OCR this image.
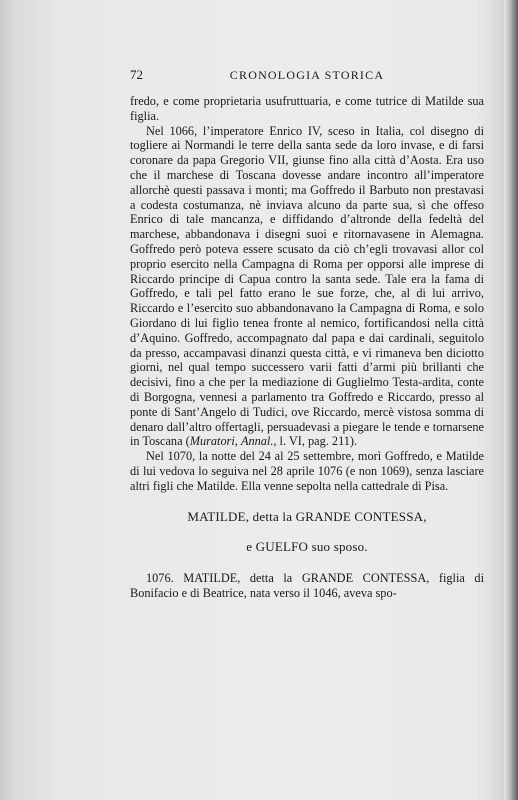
72	CRONOLOGIA STORICA

fredo, e come proprietaria usufruttuaria, e come tutrice di Matilde sua figlia.

Nel 1066, l’imperatore Enrico IV, sceso in Italia, col disegno di togliere ai Normandi le terre della santa sede da loro invase, e di farsi coronare da papa Gregorio VII, giunse fino alla città d’Aosta. Era uso che il marchese di Toscana dovesse andare incontro all’imperatore allorchè questi passava i monti; ma Goffredo il Barbuto non prestavasi a codesta costumanza, nè inviava alcuno da parte sua, sì che offeso Enrico di tale mancanza, e diffidando d’altronde della fedeltà del marchese, abbandonava i disegni suoi e ritornavasene in Alemagna. Goffredo però poteva essere scusato da ciò ch’egli trovavasi allor col proprio esercito nella Campagna di Roma per opporsi alle imprese di Riccardo principe di Capua contro la santa sede. Tale era la fama di Goffredo, e tali pel fatto erano le sue forze, che, al di lui arrivo, Riccardo e l’esercito suo abbandonavano la Campagna di Roma, e solo Giordano di lui figlio tenea fronte al nemico, fortificandosi nella città d’Aquino. Goffredo, accompagnato dal papa e dai cardinali, seguitolo da presso, accampavasi dinanzi questa città, e vi rimaneva ben diciotto giorni, nel qual tempo successero varii fatti d’armi più brillanti che decisivi, fino a che per la mediazione di Guglielmo Testa-ardita, conte di Borgogna, vennesi a parlamento tra Goffredo e Riccardo, presso al ponte di Sant’Angelo di Tudici, ove Riccardo, mercè vistosa somma di denaro dall’altro offertagli, persuadevasi a piegare le tende e tornarsene in Toscana (Muratori, Annal., l. VI, pag. 211).

Nel 1070, la notte del 24 al 25 settembre, morì Goffredo, e Matilde di lui vedova lo seguiva nel 28 aprile 1076 (e non 1069), senza lasciare altri figli che Matilde. Ella venne sepolta nella cattedrale di Pisa.

MATILDE, detta la GRANDE CONTESSA,

e GUELFO suo sposo.

1076. MATILDE, detta la GRANDE CONTESSA, figlia di Bonifacio e di Beatrice, nata verso il 1046, aveva spo-
